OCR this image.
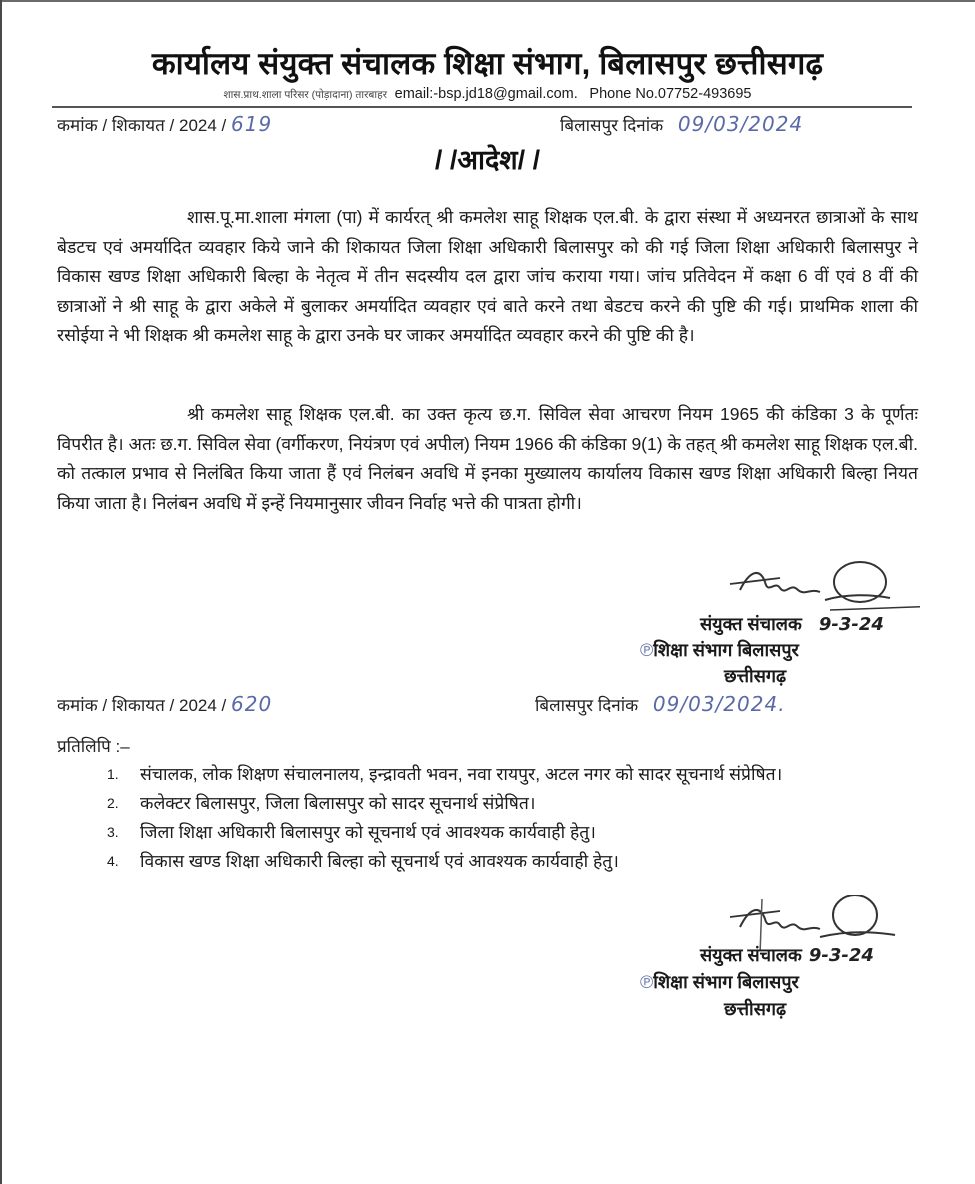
कार्यालय संयुक्त संचालक शिक्षा संभाग, बिलासपुर छत्तीसगढ़
शास.प्राथ.शाला परिसर (पोड़ादाना) तारबाहर email:-bsp.jd18@gmail.com. Phone No.07752-493695
कमांक / शिकायत / 2024 / 619	बिलासपुर दिनांक 09/03/2024
/ /आदेश/ /

शास.पू.मा.शाला मंगला (पा) में कार्यरत् श्री कमलेश साहू शिक्षक एल.बी. के द्वारा संस्था में अध्यनरत छात्राओं के साथ बेडटच एवं अमर्यादित व्यवहार किये जाने की शिकायत जिला शिक्षा अधिकारी बिलासपुर को की गई जिला शिक्षा अधिकारी बिलासपुर ने विकास खण्ड शिक्षा अधिकारी बिल्हा के नेतृत्व में तीन सदस्यीय दल द्वारा जांच कराया गया। जांच प्रतिवेदन में कक्षा 6 वीं एवं 8 वीं की छात्राओं ने श्री साहू के द्वारा अकेले में बुलाकर अमर्यादित व्यवहार एवं बाते करने तथा बेडटच करने की पुष्टि की गई। प्राथमिक शाला की रसोईया ने भी शिक्षक श्री कमलेश साहू के द्वारा उनके घर जाकर अमर्यादित व्यवहार करने की पुष्टि की है।

श्री कमलेश साहू शिक्षक एल.बी. का उक्त कृत्य छ.ग. सिविल सेवा आचरण नियम 1965 की कंडिका 3 के पूर्णतः विपरीत है। अतः छ.ग. सिविल सेवा (वर्गीकरण, नियंत्रण एवं अपील) नियम 1966 की कंडिका 9(1) के तहत् श्री कमलेश साहू शिक्षक एल.बी. को तत्काल प्रभाव से निलंबित किया जाता हैं एवं निलंबन अवधि में इनका मुख्यालय कार्यालय विकास खण्ड शिक्षा अधिकारी बिल्हा नियत किया जाता है। निलंबन अवधि में इन्हें नियमानुसार जीवन निर्वाह भत्ते की पात्रता होगी।

संयुक्त संचालक 9-3-24
℗शिक्षा संभाग बिलासपुर
छत्तीसगढ़
कमांक / शिकायत / 2024 / 620	बिलासपुर दिनांक 09/03/2024.
प्रतिलिपि :–
1. संचालक, लोक शिक्षण संचालनालय, इन्द्रावती भवन, नवा रायपुर, अटल नगर को सादर सूचनार्थ संप्रेषित।
2. कलेक्टर बिलासपुर, जिला बिलासपुर को सादर सूचनार्थ संप्रेषित।
3. जिला शिक्षा अधिकारी बिलासपुर को सूचनार्थ एवं आवश्यक कार्यवाही हेतु।
4. विकास खण्ड शिक्षा अधिकारी बिल्हा को सूचनार्थ एवं आवश्यक कार्यवाही हेतु।
संयुक्त संचालक 9-3-24
℗शिक्षा संभाग बिलासपुर
छत्तीसगढ़
